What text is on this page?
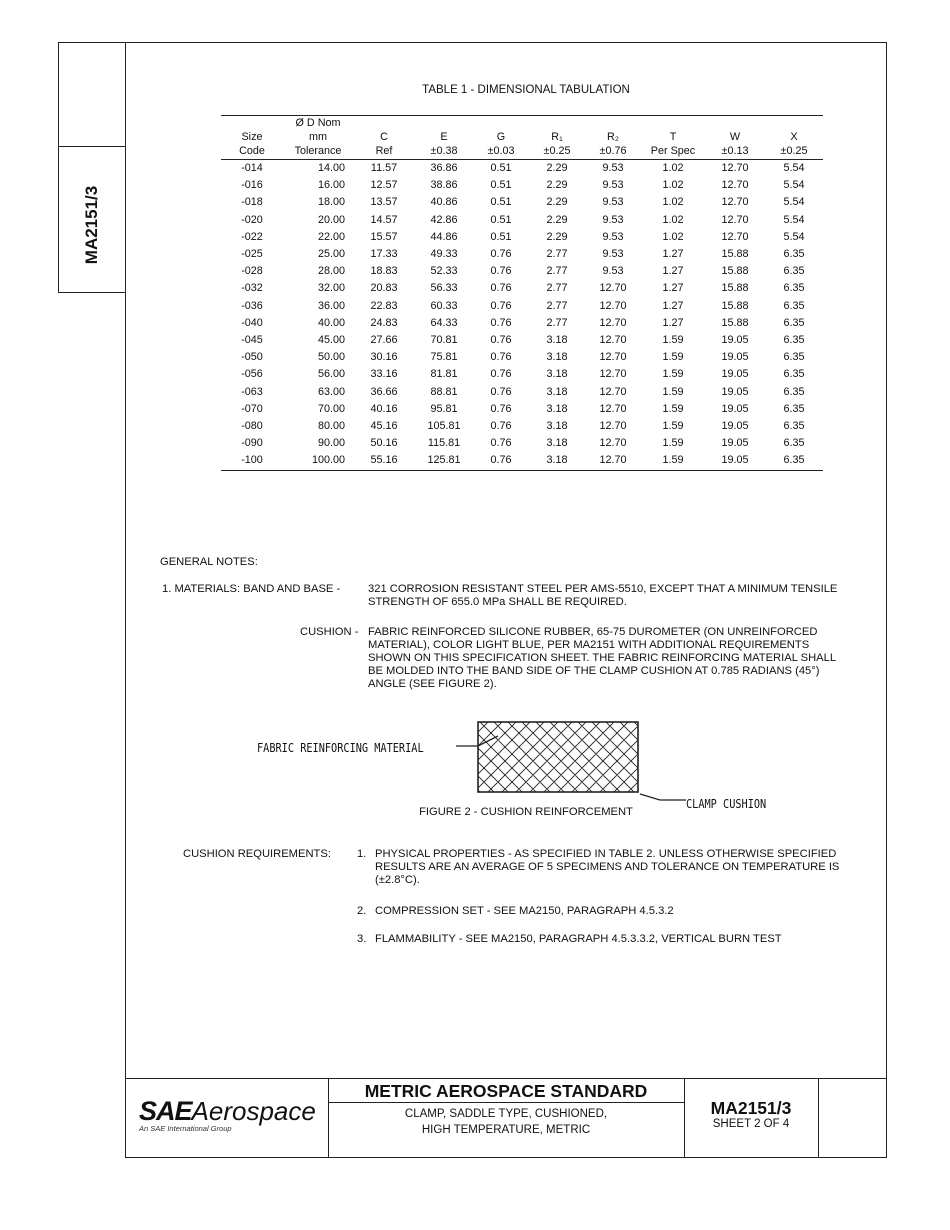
MA2151/3
TABLE 1 - DIMENSIONAL TABULATION
	Ø D Nom								
Size	mm	C	E	G	R₁	R₂	T	W	X
Code	Tolerance	Ref	±0.38	±0.03	±0.25	±0.76	Per Spec	±0.13	±0.25
-014	14.00	11.57	36.86	0.51	2.29	9.53	1.02	12.70	5.54
-016	16.00	12.57	38.86	0.51	2.29	9.53	1.02	12.70	5.54
-018	18.00	13.57	40.86	0.51	2.29	9.53	1.02	12.70	5.54
-020	20.00	14.57	42.86	0.51	2.29	9.53	1.02	12.70	5.54
-022	22.00	15.57	44.86	0.51	2.29	9.53	1.02	12.70	5.54
-025	25.00	17.33	49.33	0.76	2.77	9.53	1.27	15.88	6.35
-028	28.00	18.83	52.33	0.76	2.77	9.53	1.27	15.88	6.35
-032	32.00	20.83	56.33	0.76	2.77	12.70	1.27	15.88	6.35
-036	36.00	22.83	60.33	0.76	2.77	12.70	1.27	15.88	6.35
-040	40.00	24.83	64.33	0.76	2.77	12.70	1.27	15.88	6.35
-045	45.00	27.66	70.81	0.76	3.18	12.70	1.59	19.05	6.35
-050	50.00	30.16	75.81	0.76	3.18	12.70	1.59	19.05	6.35
-056	56.00	33.16	81.81	0.76	3.18	12.70	1.59	19.05	6.35
-063	63.00	36.66	88.81	0.76	3.18	12.70	1.59	19.05	6.35
-070	70.00	40.16	95.81	0.76	3.18	12.70	1.59	19.05	6.35
-080	80.00	45.16	105.81	0.76	3.18	12.70	1.59	19.05	6.35
-090	90.00	50.16	115.81	0.76	3.18	12.70	1.59	19.05	6.35
-100	100.00	55.16	125.81	0.76	3.18	12.70	1.59	19.05	6.35
GENERAL NOTES:
1. MATERIALS: BAND AND BASE - 321 CORROSION RESISTANT STEEL PER AMS-5510, EXCEPT THAT A MINIMUM TENSILE STRENGTH OF 655.0 MPa SHALL BE REQUIRED.
CUSHION - FABRIC REINFORCED SILICONE RUBBER, 65-75 DUROMETER (ON UNREINFORCED MATERIAL), COLOR LIGHT BLUE, PER MA2151 WITH ADDITIONAL REQUIREMENTS SHOWN ON THIS SPECIFICATION SHEET. THE FABRIC REINFORCING MATERIAL SHALL BE MOLDED INTO THE BAND SIDE OF THE CLAMP CUSHION AT 0.785 RADIANS (45°) ANGLE (SEE FIGURE 2).
FABRIC REINFORCING MATERIAL
CLAMP CUSHION
FIGURE 2 - CUSHION REINFORCEMENT
CUSHION REQUIREMENTS: 1. PHYSICAL PROPERTIES - AS SPECIFIED IN TABLE 2. UNLESS OTHERWISE SPECIFIED RESULTS ARE AN AVERAGE OF 5 SPECIMENS AND TOLERANCE ON TEMPERATURE IS (±2.8°C).
2. COMPRESSION SET - SEE MA2150, PARAGRAPH 4.5.3.2
3. FLAMMABILITY - SEE MA2150, PARAGRAPH 4.5.3.3.2, VERTICAL BURN TEST
SAEAerospace
An SAE International Group
METRIC AEROSPACE STANDARD
CLAMP, SADDLE TYPE, CUSHIONED,
HIGH TEMPERATURE, METRIC
MA2151/3
SHEET 2 OF 4
